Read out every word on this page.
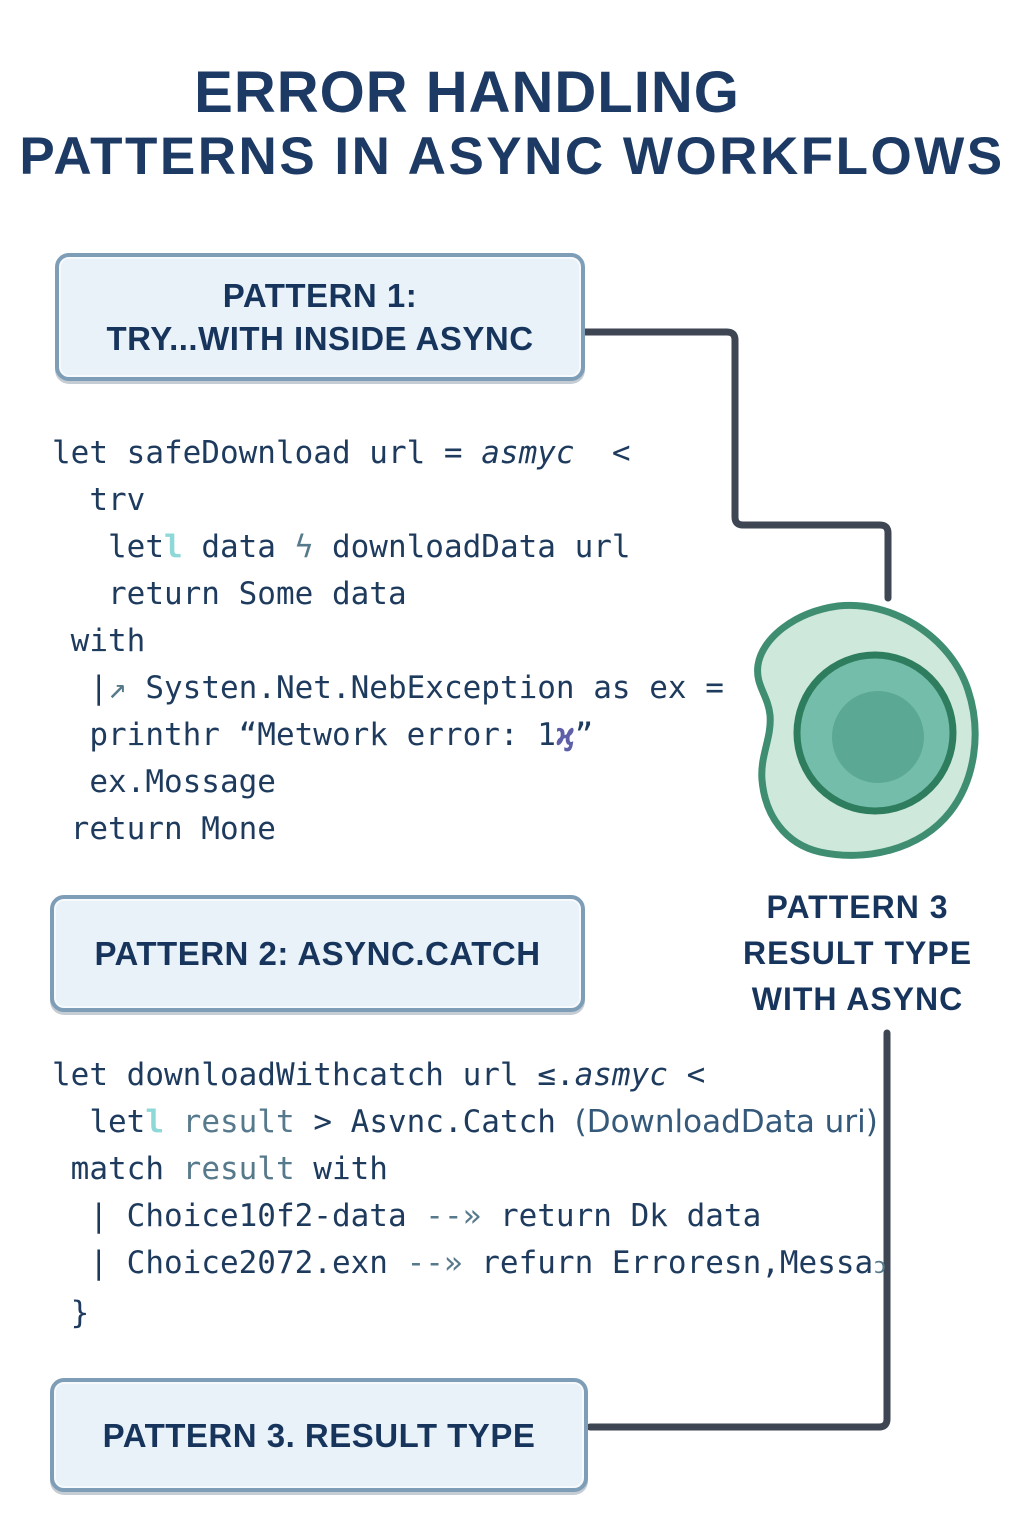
ERROR HANDLING
PATTERNS IN ASYNC WORKFLOWS
PATTERN 1:
TRY...WITH INSIDE ASYNC
let safeDownload url = asmyc  <
trv
letl data ϟ downloadData url
return Some data
with
|↗ Systen.Net.NebException as ex =
printhr “Metwork error: 1ϗ”
ex.Mossage
return Mone
PATTERN 2: ASYNC.CATCH
PATTERN 3
RESULT TYPE
WITH ASYNC
let downloadWithcatch url ≤.asmyc <
letl result > Asvnc.Catch (DownloadData uri)
match result with
| Choice10f2-data --» return Dk data
| Choice2072.exn --» refurn Erroresn,Messaɔ
}
PATTERN 3. RESULT TYPE
